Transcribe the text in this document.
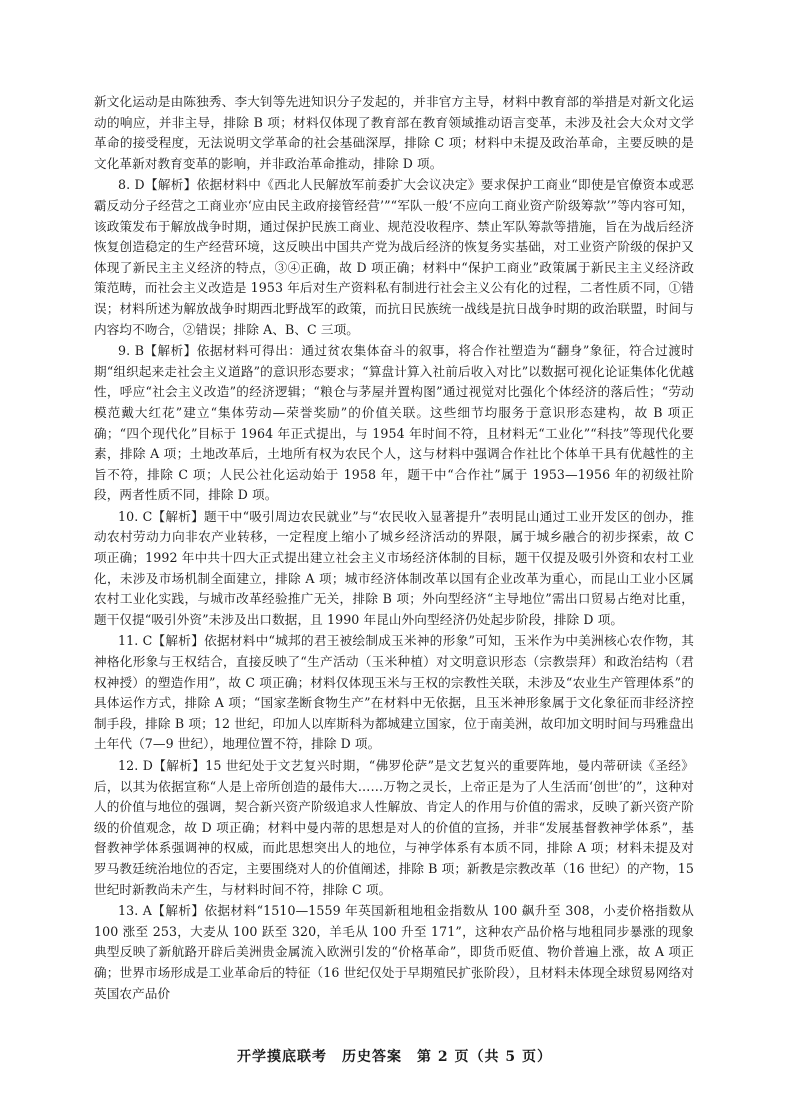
新文化运动是由陈独秀、李大钊等先进知识分子发起的，并非官方主导，材料中教育部的举措是对新文化运动的响应，并非主导，排除 B 项；材料仅体现了教育部在教育领域推动语言变革，未涉及社会大众对文学革命的接受程度，无法说明文学革命的社会基础深厚，排除 C 项；材料中未提及政治革命，主要反映的是文化革新对教育变革的影响，并非政治革命推动，排除 D 项。

8. D【解析】依据材料中《西北人民解放军前委扩大会议决定》要求保护工商业“即使是官僚资本或恶霸反动分子经营之工商业亦‘应由民主政府接管经营’”“军队一般‘不应向工商业资产阶级筹款’”等内容可知，该政策发布于解放战争时期，通过保护民族工商业、规范没收程序、禁止军队筹款等措施，旨在为战后经济恢复创造稳定的生产经营环境，这反映出中国共产党为战后经济的恢复务实基础，对工业资产阶级的保护又体现了新民主主义经济的特点，③④正确，故 D 项正确；材料中“保护工商业”政策属于新民主主义经济政策范畴，而社会主义改造是 1953 年后对生产资料私有制进行社会主义公有化的过程，二者性质不同，①错误；材料所述为解放战争时期西北野战军的政策，而抗日民族统一战线是抗日战争时期的政治联盟，时间与内容均不吻合，②错误；排除 A、B、C 三项。

9. B【解析】依据材料可得出：通过贫农集体奋斗的叙事，将合作社塑造为“翻身”象征，符合过渡时期“组织起来走社会主义道路”的意识形态要求；“算盘计算入社前后收入对比”以数据可视化论证集体化优越性，呼应“社会主义改造”的经济逻辑；“粮仓与茅屋并置构图”通过视觉对比强化个体经济的落后性；“劳动模范戴大红花”建立“集体劳动—荣誉奖励”的价值关联。这些细节均服务于意识形态建构，故 B 项正确；“四个现代化”目标于 1964 年正式提出，与 1954 年时间不符，且材料无“工业化”“科技”等现代化要素，排除 A 项；土地改革后，土地所有权为农民个人，这与材料中强调合作社比个体单干具有优越性的主旨不符，排除 C 项；人民公社化运动始于 1958 年，题干中“合作社”属于 1953—1956 年的初级社阶段，两者性质不同，排除 D 项。

10. C【解析】题干中“吸引周边农民就业”与“农民收入显著提升”表明昆山通过工业开发区的创办，推动农村劳动力向非农产业转移，一定程度上缩小了城乡经济活动的界限，属于城乡融合的初步探索，故 C 项正确；1992 年中共十四大正式提出建立社会主义市场经济体制的目标，题干仅提及吸引外资和农村工业化，未涉及市场机制全面建立，排除 A 项；城市经济体制改革以国有企业改革为重心，而昆山工业小区属农村工业化实践，与城市改革经验推广无关，排除 B 项；外向型经济“主导地位”需出口贸易占绝对比重，题干仅提“吸引外资”未涉及出口数据，且 1990 年昆山外向型经济仍处起步阶段，排除 D 项。

11. C【解析】依据材料中“城邦的君王被绘制成玉米神的形象”可知，玉米作为中美洲核心农作物，其神格化形象与王权结合，直接反映了“生产活动（玉米种植）对文明意识形态（宗教崇拜）和政治结构（君权神授）的塑造作用”，故 C 项正确；材料仅体现玉米与王权的宗教性关联，未涉及“农业生产管理体系”的具体运作方式，排除 A 项；“国家垄断食物生产”在材料中无依据，且玉米神形象属于文化象征而非经济控制手段，排除 B 项；12 世纪，印加人以库斯科为都城建立国家，位于南美洲，故印加文明时间与玛雅盘出土年代（7—9 世纪），地理位置不符，排除 D 项。

12. D【解析】15 世纪处于文艺复兴时期，“佛罗伦萨”是文艺复兴的重要阵地，曼内蒂研读《圣经》后，以其为依据宣称“人是上帝所创造的最伟大……万物之灵长，上帝正是为了人生活而‘创世’的”，这种对人的价值与地位的强调，契合新兴资产阶级追求人性解放、肯定人的作用与价值的需求，反映了新兴资产阶级的价值观念，故 D 项正确；材料中曼内蒂的思想是对人的价值的宣扬，并非“发展基督教神学体系”，基督教神学体系强调神的权威，而此思想突出人的地位，与神学体系有本质不同，排除 A 项；材料未提及对罗马教廷统治地位的否定，主要围绕对人的价值阐述，排除 B 项；新教是宗教改革（16 世纪）的产物，15 世纪时新教尚未产生，与材料时间不符，排除 C 项。

13. A【解析】依据材料“1510—1559 年英国新租地租金指数从 100 飙升至 308，小麦价格指数从 100 涨至 253，大麦从 100 跃至 320，羊毛从 100 升至 171”，这种农产品价格与地租同步暴涨的现象典型反映了新航路开辟后美洲贵金属流入欧洲引发的“价格革命”，即货币贬值、物价普遍上涨，故 A 项正确；世界市场形成是工业革命后的特征（16 世纪仅处于早期殖民扩张阶段），且材料未体现全球贸易网络对英国农产品价

开学摸底联考　历史答案　第 2 页（共 5 页）
